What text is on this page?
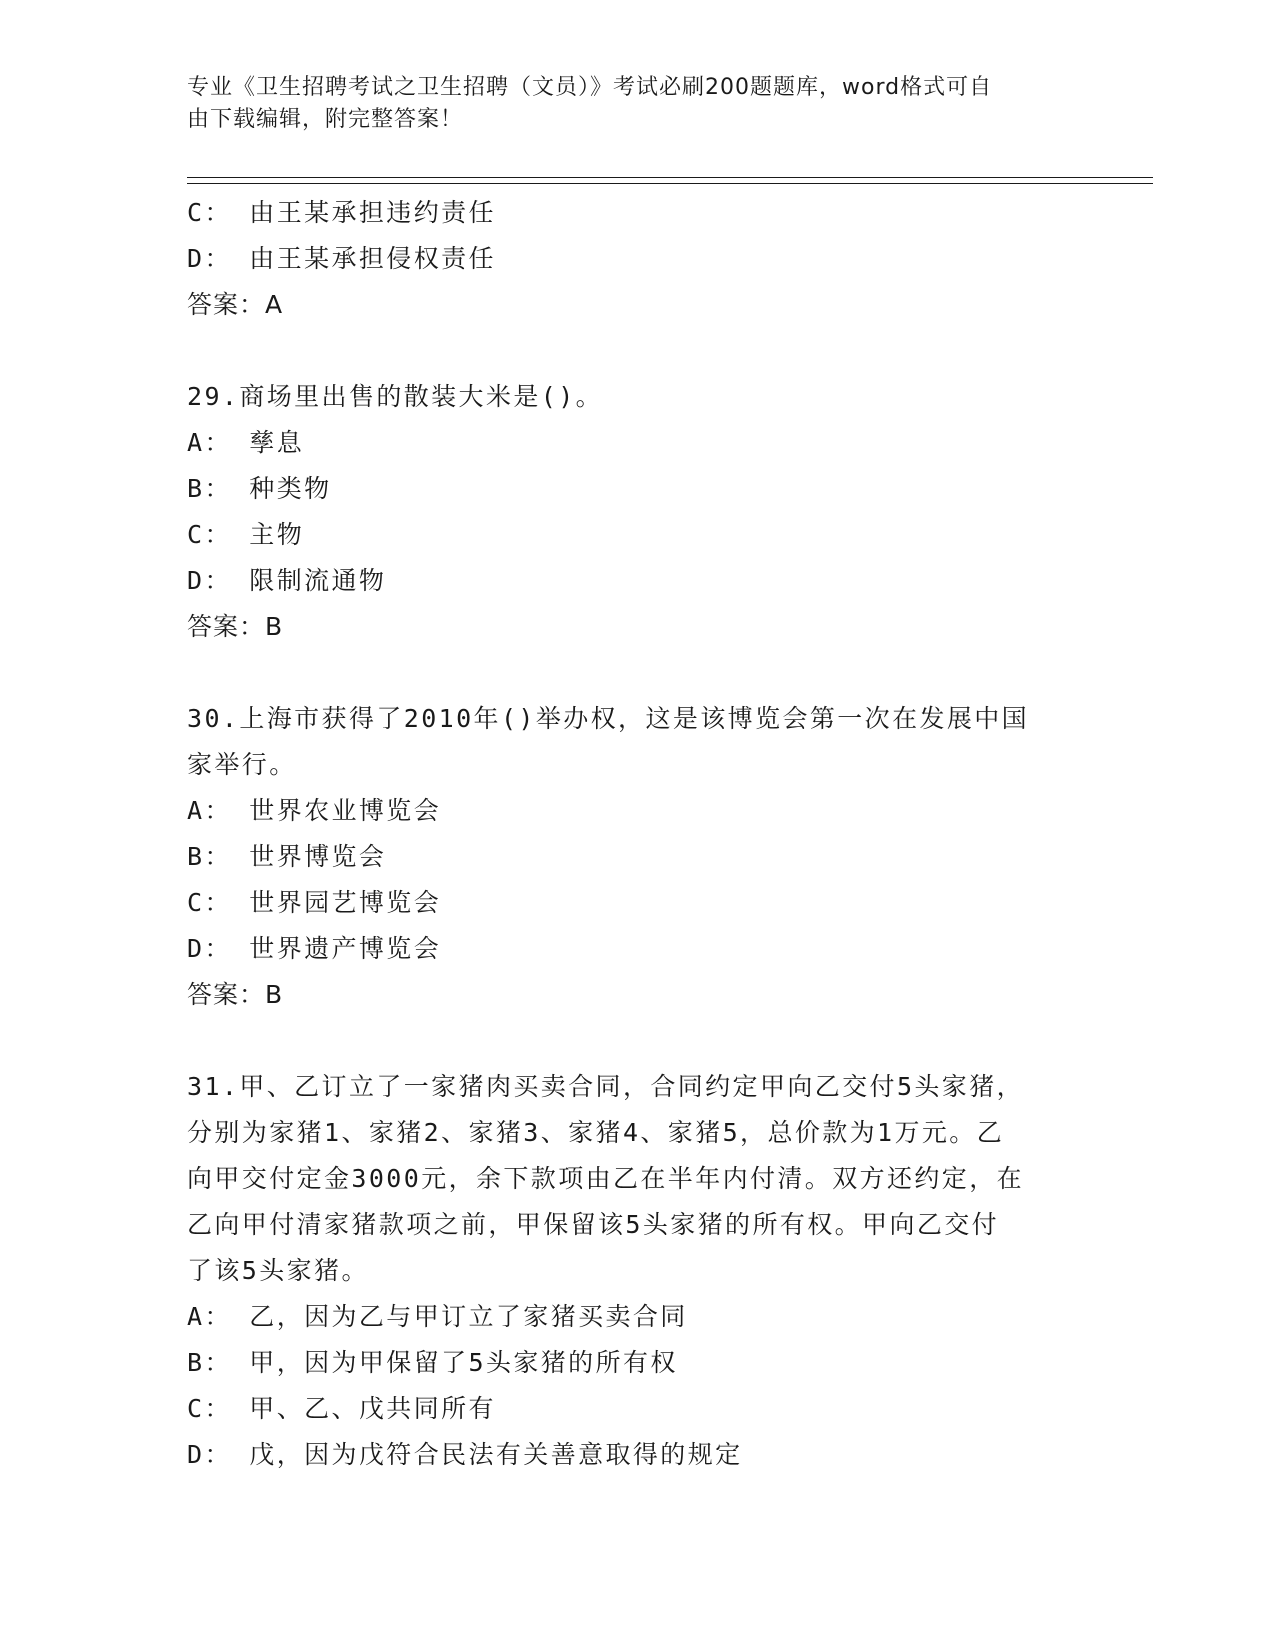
专业《卫生招聘考试之卫生招聘（文员）》考试必刷200题题库，word格式可自
由下载编辑，附完整答案！
C： 由王某承担违约责任
D： 由王某承担侵权责任
答案：A
29.商场里出售的散装大米是()。
A： 孳息
B： 种类物
C： 主物
D： 限制流通物
答案：B
30.上海市获得了2010年()举办权，这是该博览会第一次在发展中国
家举行。
A： 世界农业博览会
B： 世界博览会
C： 世界园艺博览会
D： 世界遗产博览会
答案：B
31.甲、乙订立了一家猪肉买卖合同，合同约定甲向乙交付5头家猪，
分别为家猪1、家猪2、家猪3、家猪4、家猪5，总价款为1万元。乙
向甲交付定金3000元，余下款项由乙在半年内付清。双方还约定，在
乙向甲付清家猪款项之前，甲保留该5头家猪的所有权。甲向乙交付
了该5头家猪。
A： 乙，因为乙与甲订立了家猪买卖合同
B： 甲，因为甲保留了5头家猪的所有权
C： 甲、乙、戊共同所有
D： 戊，因为戊符合民法有关善意取得的规定
